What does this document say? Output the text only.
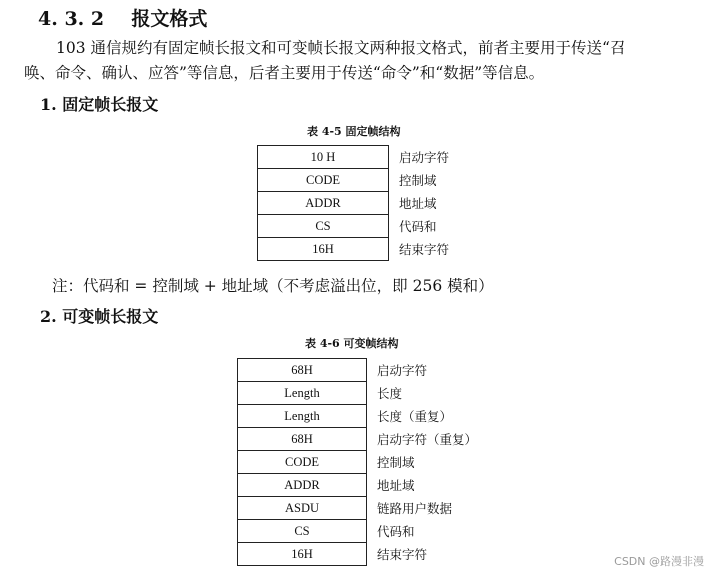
4. 3. 2 报文格式
103 通信规约有固定帧长报文和可变帧长报文两种报文格式，前者主要用于传送“召
唤、命令、确认、应答”等信息，后者主要用于传送“命令”和“数据”等信息。
1. 固定帧长报文
表 4-5 固定帧结构
10 H	启动字符
CODE	控制域
ADDR	地址域
CS	代码和
16H	结束字符
注：代码和 = 控制域 + 地址域（不考虑溢出位，即 256 模和）
2. 可变帧长报文
表 4-6 可变帧结构
68H	启动字符
Length	长度
Length	长度（重复）
68H	启动字符（重复）
CODE	控制域
ADDR	地址域
ASDU	链路用户数据
CS	代码和
16H	结束字符	CSDN @路漫非漫
